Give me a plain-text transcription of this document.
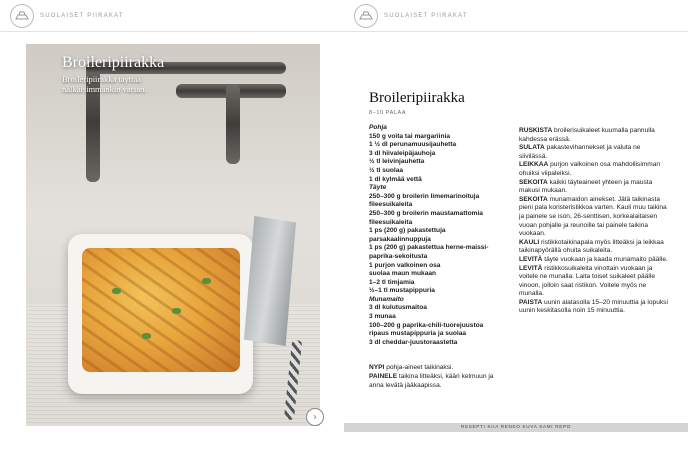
SUOLAISET PIIRAKAT	SUOLAISET PIIRAKAT
Broileripiirakka
Broileripiirakka täyttää nälkäisimmänkin vatsan.
›
Broileripiirakka
8–10 PALAA
Pohja
150 g voita tai margariinia
1 ½ dl perunamuusijauhetta
3 dl hiivaleipäjauhoja
½ tl leivinjauhetta
½ tl suolaa
1 dl kylmää vettä
Täyte
250–300 g broilerin limemarinoituja fileesuikaleita
250–300 g broilerin maustamattomia fileesuikaleita
1 ps (200 g) pakastettuja parsakaalinnuppuja
1 ps (200 g) pakastettua herne-maissi-paprika-sekoitusta
1 purjon valkoinen osa
suolaa maun mukaan
1–2 tl timjamia
½–1 tl mustapippuria
Munamaito
3 dl kulutusmaitoa
3 munaa
100–200 g paprika-chili-tuorejuustoa
ripaus mustapippuria ja suolaa
3 dl cheddar-juustoraastetta

NYPI pohja-aineet taikinaksi.

PAINELE taikina litteäksi, kääri kelmuun ja anna levätä jääkaapissa.

RUSKISTA broilerisuikaleet kuumalla pannulla kahdessa erässä.

SULATA pakastevihannekset ja valuta ne siivilässä.

LEIKKAA purjon valkoinen osa mahdollisimman ohuiksi viipaleiksi.

SEKOITA kaikki täyteaineet yhteen ja mausta makusi mukaan.

SEKOITA munamaidon ainekset. Jätä taikinasta pieni pala koristeristikkoa varten. Kauli muu taikina ja painele se ison, 26-senttisen, korkealaitaisen vuoan pohjalle ja reunoille tai painele taikina vuokaan.

KAULI ristikkotaikinapala myös litteäksi ja leikkaa taikinapyörällä ohuita suikaleita.

LEVITÄ täyte vuokaan ja kaada munamaito päälle.

LEVITÄ ristikkosuikaleita vinottain vuokaan ja voitele ne munalla. Laita toiset suikaleet päälle vinoon, jolloin saat ristikon. Voitele myös ne munalla.

PAISTA uunin alatasolla 15–20 minuuttia ja lopuksi uunin keskitasolla noin 15 minuuttia.

RESEPTI KIIA RENKO KUVA SAMI REPO
